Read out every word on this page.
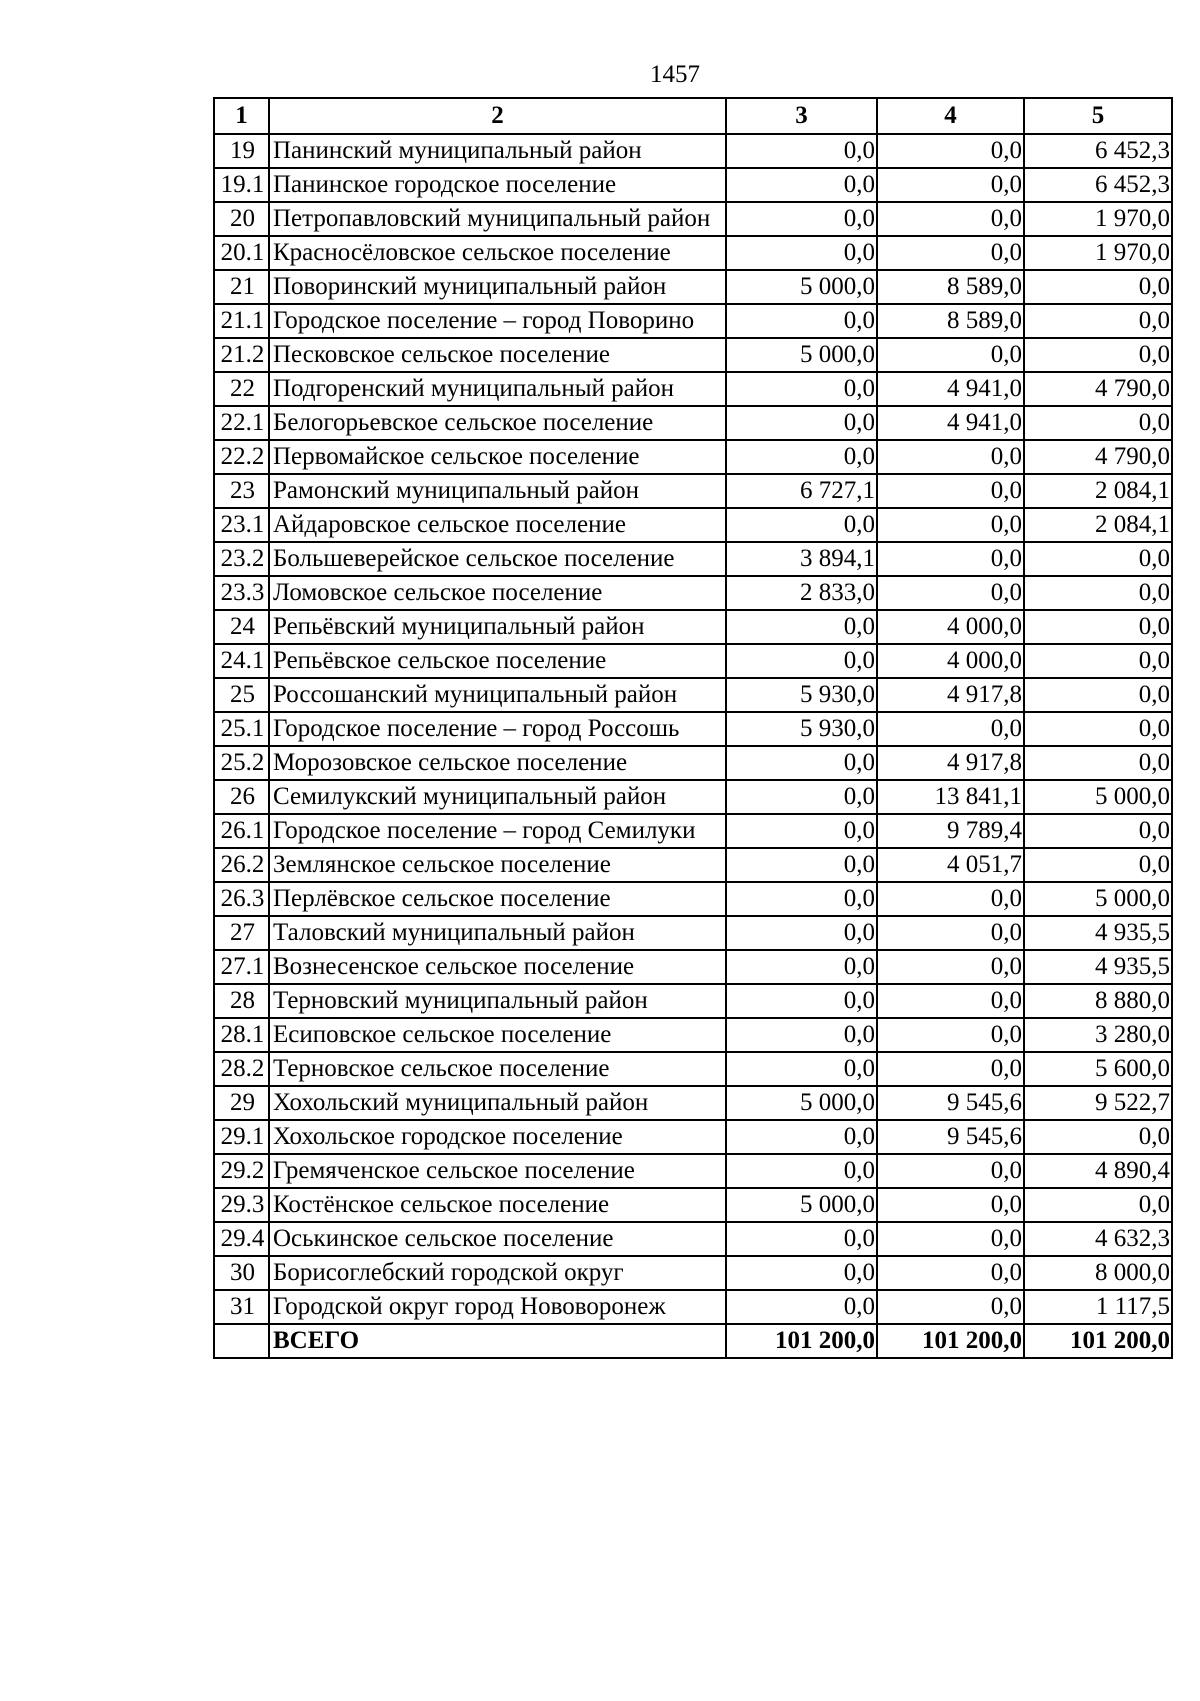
1457
1	2	3	4	5
19	Панинский муниципальный район	0,0	0,0	6 452,3
19.1	Панинское городское поселение	0,0	0,0	6 452,3
20	Петропавловский муниципальный район	0,0	0,0	1 970,0
20.1	Красносёловское сельское поселение	0,0	0,0	1 970,0
21	Поворинский муниципальный район	5 000,0	8 589,0	0,0
21.1	Городское поселение – город Поворино	0,0	8 589,0	0,0
21.2	Песковское сельское поселение	5 000,0	0,0	0,0
22	Подгоренский муниципальный район	0,0	4 941,0	4 790,0
22.1	Белогорьевское сельское поселение	0,0	4 941,0	0,0
22.2	Первомайское сельское поселение	0,0	0,0	4 790,0
23	Рамонский муниципальный район	6 727,1	0,0	2 084,1
23.1	Айдаровское сельское поселение	0,0	0,0	2 084,1
23.2	Большеверейское сельское поселение	3 894,1	0,0	0,0
23.3	Ломовское сельское поселение	2 833,0	0,0	0,0
24	Репьёвский муниципальный район	0,0	4 000,0	0,0
24.1	Репьёвское сельское поселение	0,0	4 000,0	0,0
25	Россошанский муниципальный район	5 930,0	4 917,8	0,0
25.1	Городское поселение – город Россошь	5 930,0	0,0	0,0
25.2	Морозовское сельское поселение	0,0	4 917,8	0,0
26	Семилукский муниципальный район	0,0	13 841,1	5 000,0
26.1	Городское поселение – город Семилуки	0,0	9 789,4	0,0
26.2	Землянское сельское поселение	0,0	4 051,7	0,0
26.3	Перлёвское сельское поселение	0,0	0,0	5 000,0
27	Таловский муниципальный район	0,0	0,0	4 935,5
27.1	Вознесенское сельское поселение	0,0	0,0	4 935,5
28	Терновский муниципальный район	0,0	0,0	8 880,0
28.1	Есиповское сельское поселение	0,0	0,0	3 280,0
28.2	Терновское сельское поселение	0,0	0,0	5 600,0
29	Хохольский муниципальный район	5 000,0	9 545,6	9 522,7
29.1	Хохольское городское поселение	0,0	9 545,6	0,0
29.2	Гремяченское сельское поселение	0,0	0,0	4 890,4
29.3	Костёнское сельское поселение	5 000,0	0,0	0,0
29.4	Оськинское сельское поселение	0,0	0,0	4 632,3
30	Борисоглебский городской округ	0,0	0,0	8 000,0
31	Городской округ город Нововоронеж	0,0	0,0	1 117,5
	ВСЕГО	101 200,0	101 200,0	101 200,0
